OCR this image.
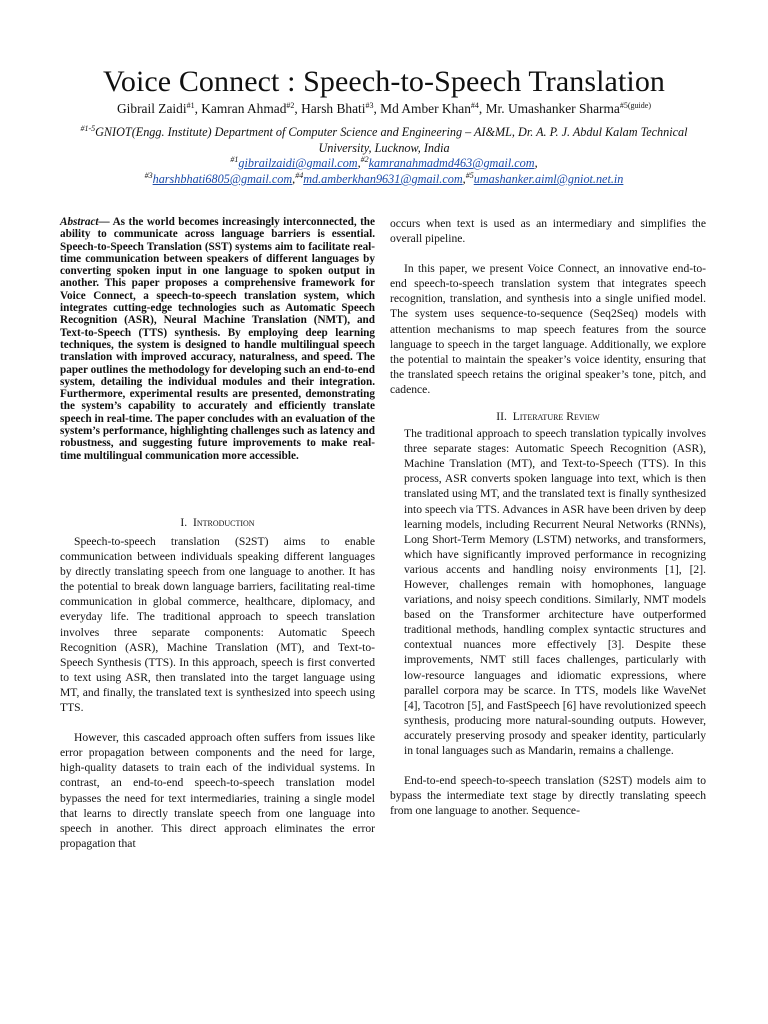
Voice Connect : Speech-to-Speech Translation
Gibrail Zaidi$^{\#1}$, Kamran Ahmad$^{\#2}$, Harsh Bhati$^{\#3}$, Md Amber Khan$^{\#4}$, Mr. Umashanker Sharma$^{\#5(guide)}$
$^{\#1-5}$GNIOT(Engg. Institute) Department of Computer Science and Engineering – AI&ML, Dr. A. P. J. Abdul Kalam Technical University, Lucknow, India
$^{\#1}$gibrailzaidi@gmail.com,$^{\#2}$kamranahmadmd463@gmail.com,
$^{\#3}$harshbhati6805@gmail.com,$^{\#4}$md.amberkhan9631@gmail.com,$^{\#5}$umashanker.aiml@gniot.net.in

Abstract— As the world becomes increasingly interconnected, the ability to communicate across language barriers is essential. Speech-to-Speech Translation (SST) systems aim to facilitate real-time communication between speakers of different languages by converting spoken input in one language to spoken output in another. This paper proposes a comprehensive framework for Voice Connect, a speech-to-speech translation system, which integrates cutting-edge technologies such as Automatic Speech Recognition (ASR), Neural Machine Translation (NMT), and Text-to-Speech (TTS) synthesis. By employing deep learning techniques, the system is designed to handle multilingual speech translation with improved accuracy, naturalness, and speed. The paper outlines the methodology for developing such an end-to-end system, detailing the individual modules and their integration. Furthermore, experimental results are presented, demonstrating the system’s capability to accurately and efficiently translate speech in real-time. The paper concludes with an evaluation of the system’s performance, highlighting challenges such as latency and robustness, and suggesting future improvements to make real-time multilingual communication more accessible.

I. Introduction

Speech-to-speech translation (S2ST) aims to enable communication between individuals speaking different languages by directly translating speech from one language to another. It has the potential to break down language barriers, facilitating real-time communication in global commerce, healthcare, diplomacy, and everyday life. The traditional approach to speech translation involves three separate components: Automatic Speech Recognition (ASR), Machine Translation (MT), and Text-to-Speech Synthesis (TTS). In this approach, speech is first converted to text using ASR, then translated into the target language using MT, and finally, the translated text is synthesized into speech using TTS.

However, this cascaded approach often suffers from issues like error propagation between components and the need for large, high-quality datasets to train each of the individual systems. In contrast, an end-to-end speech-to-speech translation model bypasses the need for text intermediaries, training a single model that learns to directly translate speech from one language into speech in another. This direct approach eliminates the error propagation that

occurs when text is used as an intermediary and simplifies the overall pipeline.

In this paper, we present Voice Connect, an innovative end-to-end speech-to-speech translation system that integrates speech recognition, translation, and synthesis into a single unified model. The system uses sequence-to-sequence (Seq2Seq) models with attention mechanisms to map speech features from the source language to speech in the target language. Additionally, we explore the potential to maintain the speaker’s voice identity, ensuring that the translated speech retains the original speaker’s tone, pitch, and cadence.

II. Literature Review

The traditional approach to speech translation typically involves three separate stages: Automatic Speech Recognition (ASR), Machine Translation (MT), and Text-to-Speech (TTS). In this process, ASR converts spoken language into text, which is then translated using MT, and the translated text is finally synthesized into speech via TTS. Advances in ASR have been driven by deep learning models, including Recurrent Neural Networks (RNNs), Long Short-Term Memory (LSTM) networks, and transformers, which have significantly improved performance in recognizing various accents and handling noisy environments [1], [2]. However, challenges remain with homophones, language variations, and noisy speech conditions. Similarly, NMT models based on the Transformer architecture have outperformed traditional methods, handling complex syntactic structures and contextual nuances more effectively [3]. Despite these improvements, NMT still faces challenges, particularly with low-resource languages and idiomatic expressions, where parallel corpora may be scarce. In TTS, models like WaveNet [4], Tacotron [5], and FastSpeech [6] have revolutionized speech synthesis, producing more natural-sounding outputs. However, accurately preserving prosody and speaker identity, particularly in tonal languages such as Mandarin, remains a challenge.

End-to-end speech-to-speech translation (S2ST) models aim to bypass the intermediate text stage by directly translating speech from one language to another. Sequence-
